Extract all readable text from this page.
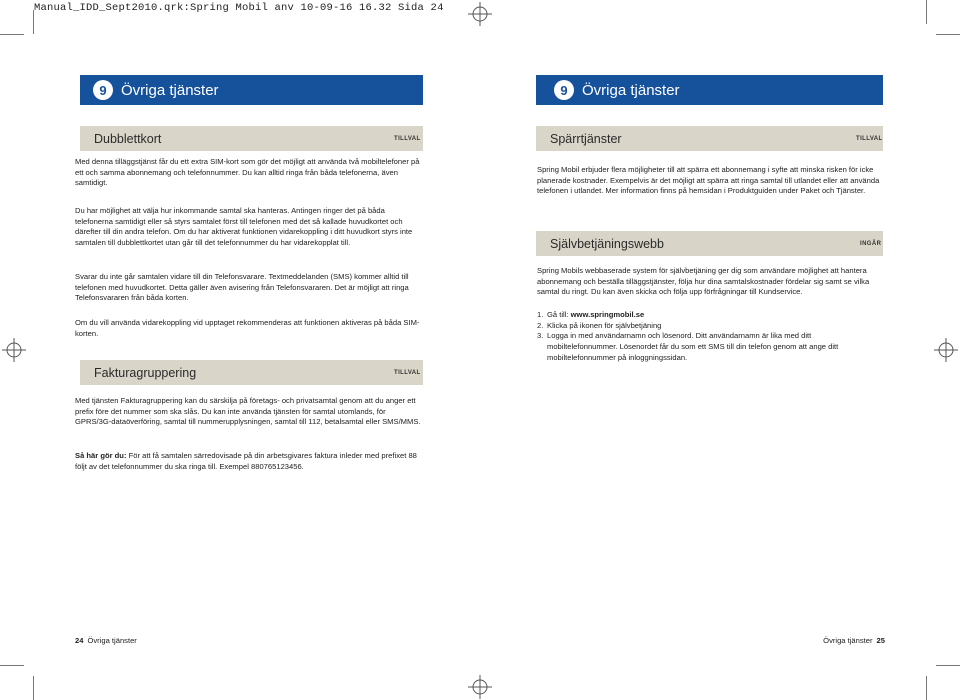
Manual_IDD_Sept2010.qrk:Spring Mobil anv 10-09-16 16.32 Sida 24
9 Övriga tjänster
Dubblettkort	TILLVAL
Med denna tilläggstjänst får du ett extra SIM-kort som gör det möjligt att använda två mobiltelefoner på ett och samma abonnemang och telefonnummer. Du kan alltid ringa från båda telefonerna, även samtidigt.
Du har möjlighet att välja hur inkommande samtal ska hanteras. Antingen ringer det på båda telefonerna samtidigt eller så styrs samtalet först till telefonen med det så kallade huvudkortet och därefter till din andra telefon. Om du har aktiverat funktionen vidarekoppling i ditt huvudkort styrs inte samtalen till dubblettkortet utan går till det telefonnummer du har vidarekopplat till.
Svarar du inte går samtalen vidare till din Telefonsvarare. Textmeddelanden (SMS) kommer alltid till telefonen med huvudkortet. Detta gäller även avisering från Telefonsvararen. Det är möjligt att ringa Telefonsvararen från båda korten.
Om du vill använda vidarekoppling vid upptaget rekommenderas att funktionen aktiveras på båda SIM-korten.
Fakturagruppering	TILLVAL
Med tjänsten Fakturagruppering kan du särskilja på företags- och privatsamtal genom att du anger ett prefix före det nummer som ska slås. Du kan inte använda tjänsten för samtal utomlands, för GPRS/3G-dataöverföring, samtal till nummerupplysningen, samtal till 112, betalsamtal eller SMS/MMS.
Så här gör du: För att få samtalen särredovisade på din arbetsgivares faktura inleder med prefixet 88 följt av det telefonnummer du ska ringa till. Exempel 880765123456.
24 Övriga tjänster
9 Övriga tjänster
Spärrtjänster	TILLVAL
Spring Mobil erbjuder flera möjligheter till att spärra ett abonnemang i syfte att minska risken för icke planerade kostnader. Exempelvis är det möjligt att spärra att ringa samtal till utlandet eller att använda telefonen i utlandet. Mer information finns på hemsidan i Produktguiden under Paket och Tjänster.
Självbetjäningswebb	INGÅR
Spring Mobils webbaserade system för självbetjäning ger dig som användare möjlighet att hantera abonnemang och beställa tilläggstjänster, följa hur dina samtalskostnader fördelar sig samt se vilka samtal du ringt. Du kan även skicka och följa upp förfrågningar till Kundservice.
1. Gå till: www.springmobil.se
2. Klicka på ikonen för självbetjäning
3. Logga in med användarnamn och lösenord. Ditt användarnamn är lika med ditt mobiltelefonnummer. Lösenordet får du som ett SMS till din telefon genom att ange ditt mobiltelefonnummer på inloggningssidan.
Övriga tjänster 25
